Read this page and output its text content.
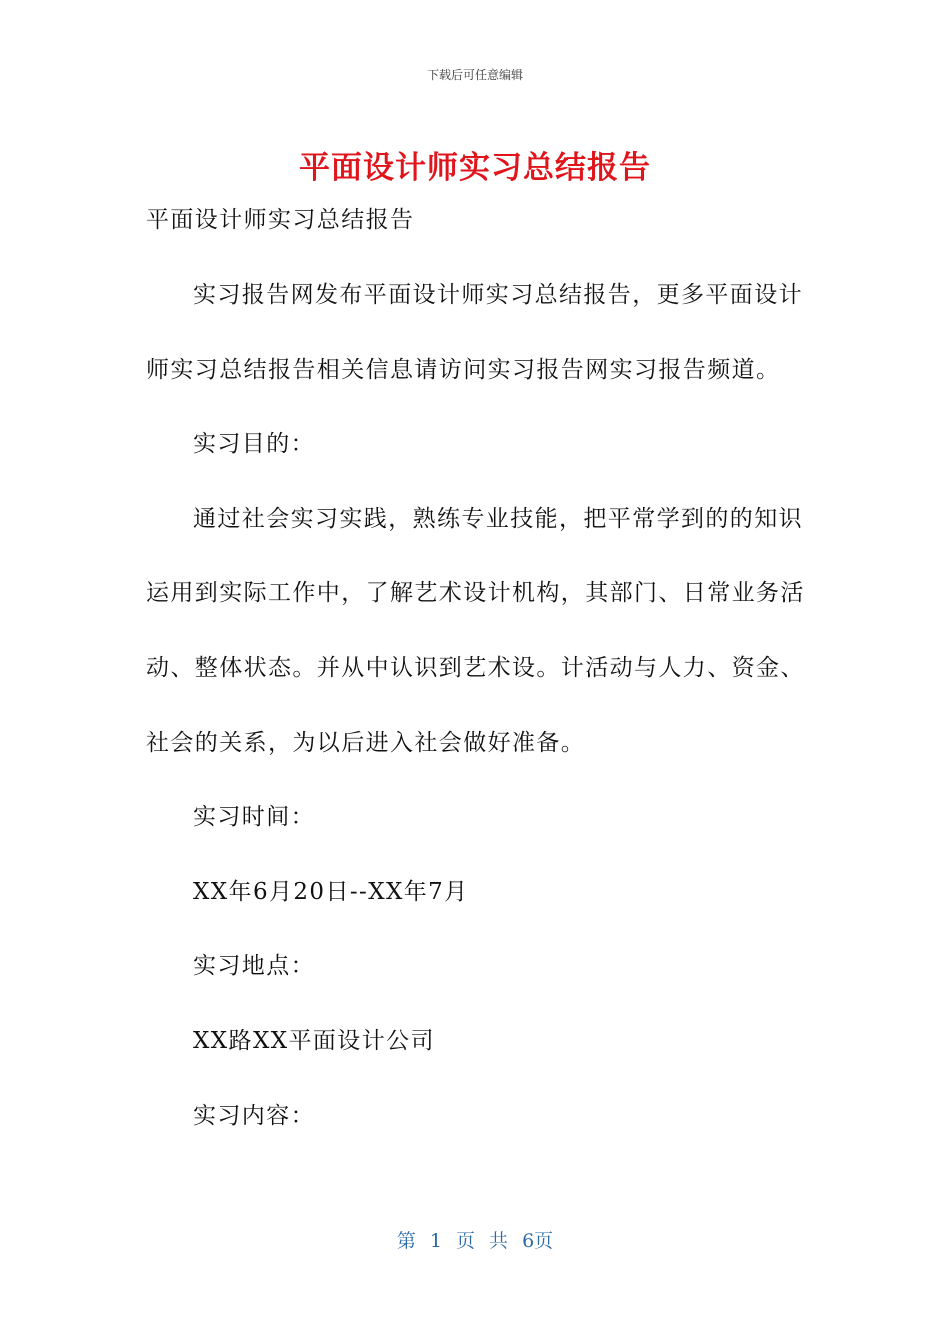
下载后可任意编辑
平面设计师实习总结报告
平面设计师实习总结报告
实习报告网发布平面设计师实习总结报告，更多平面设计
师实习总结报告相关信息请访问实习报告网实习报告频道。
实习目的：
通过社会实习实践，熟练专业技能，把平常学到的的知识
运用到实际工作中，了解艺术设计机构，其部门、日常业务活
动、整体状态。并从中认识到艺术设。计活动与人力、资金、
社会的关系，为以后进入社会做好准备。
实习时间：
XX年6月20日--XX年7月
实习地点：
XX路XX平面设计公司
实习内容：
第 1 页 共 6页
